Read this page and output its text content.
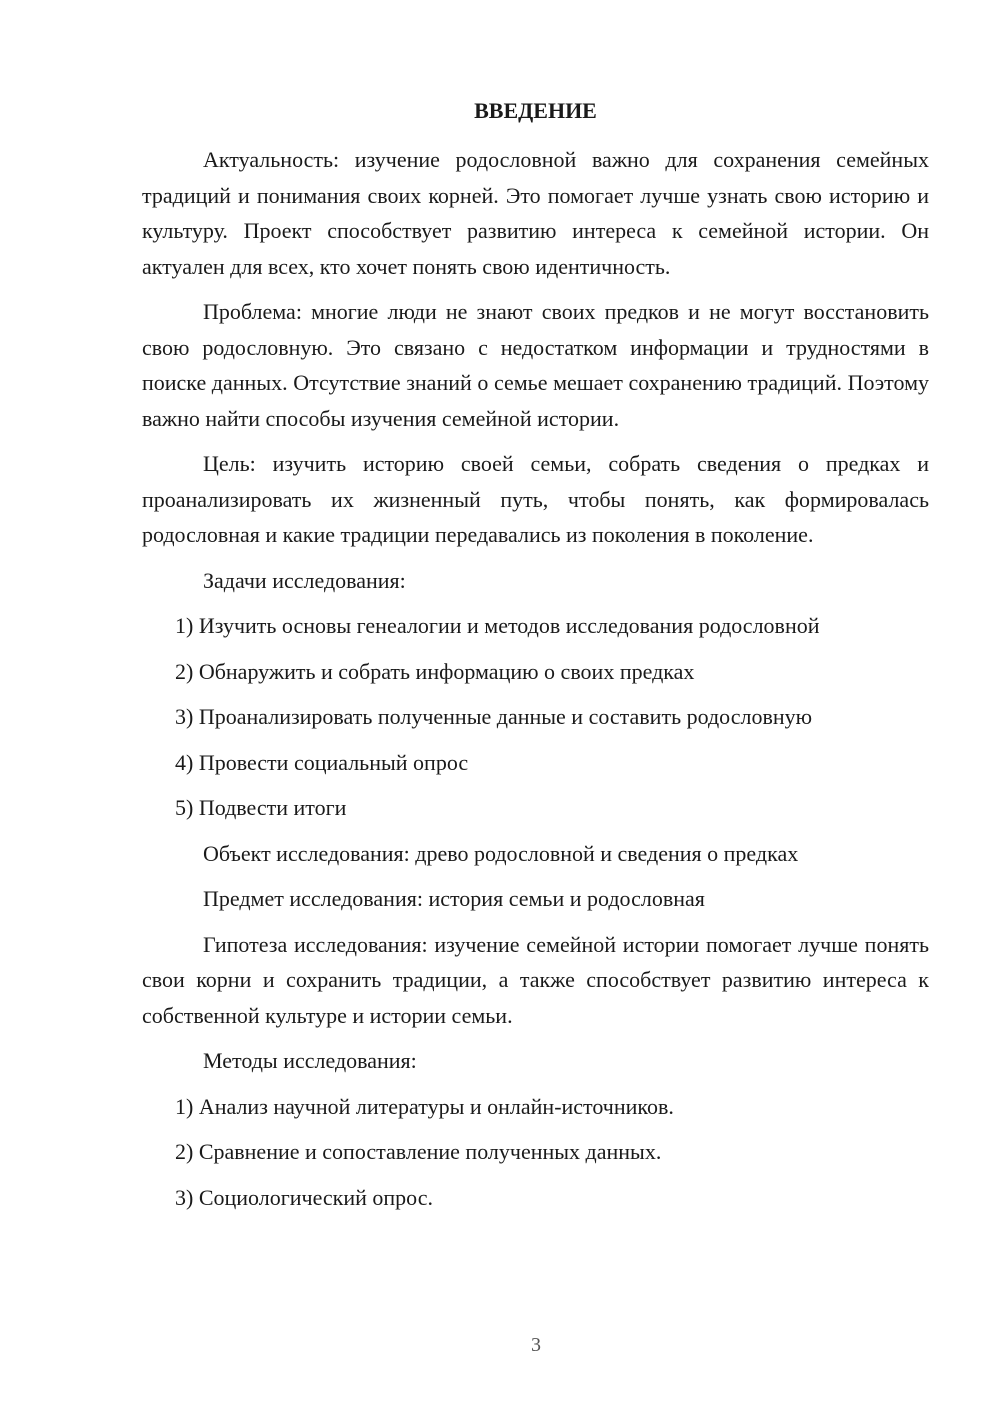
ВВЕДЕНИЕ

Актуальность: изучение родословной важно для сохранения семейных традиций и понимания своих корней. Это помогает лучше узнать свою историю и культуру. Проект способствует развитию интереса к семейной истории. Он актуален для всех, кто хочет понять свою идентичность.

Проблема: многие люди не знают своих предков и не могут восстановить свою родословную. Это связано с недостатком информации и трудностями в поиске данных. Отсутствие знаний о семье мешает сохранению традиций. Поэтому важно найти способы изучения семейной истории.

Цель: изучить историю своей семьи, собрать сведения о предках и проанализировать их жизненный путь, чтобы понять, как формировалась родословная и какие традиции передавались из поколения в поколение.

Задачи исследования:

1) Изучить основы генеалогии и методов исследования родословной

2) Обнаружить и собрать информацию о своих предках

3) Проанализировать полученные данные и составить родословную

4) Провести социальный опрос

5) Подвести итоги

Объект исследования: древо родословной и сведения о предках

Предмет исследования: история семьи и родословная

Гипотеза исследования: изучение семейной истории помогает лучше понять свои корни и сохранить традиции, а также способствует развитию интереса к собственной культуре и истории семьи.

Методы исследования:

1) Анализ научной литературы и онлайн-источников.

2) Сравнение и сопоставление полученных данных.

3) Социологический опрос.

3
